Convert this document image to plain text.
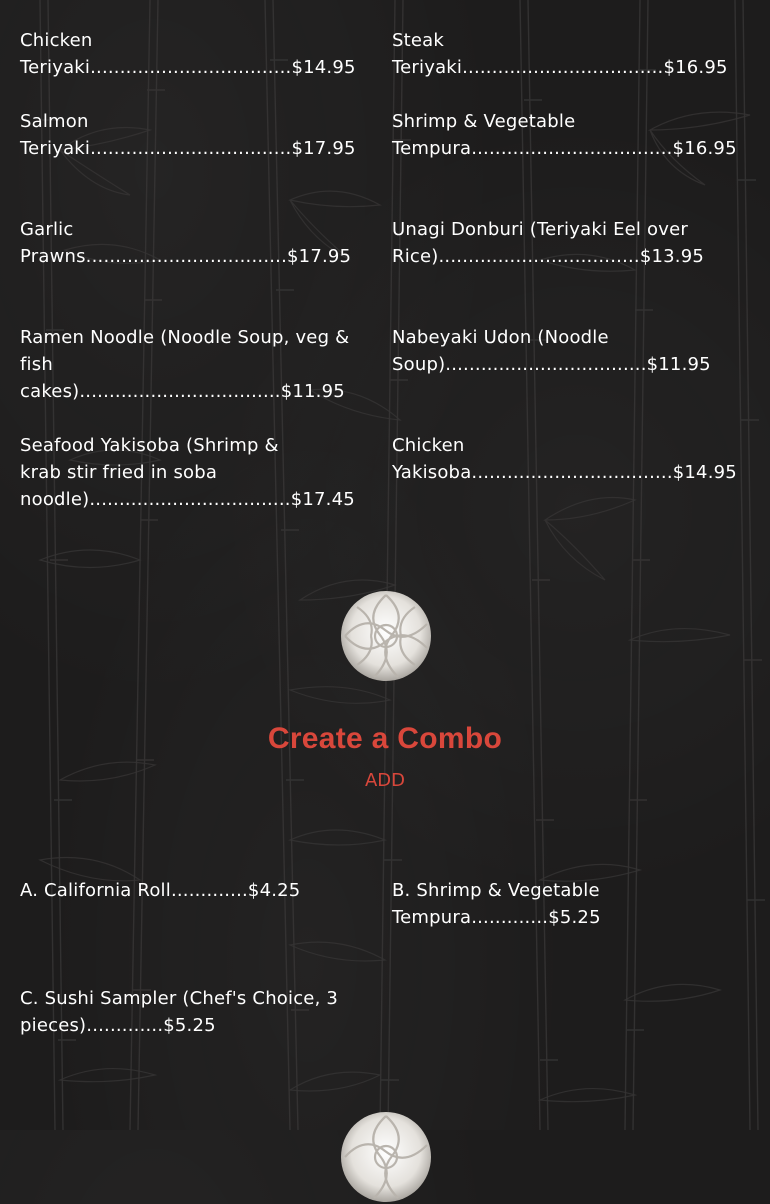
Chicken Teriyaki..................................$14.95

Steak Teriyaki..................................$16.95

Salmon Teriyaki..................................$17.95

Shrimp & Vegetable Tempura..................................$16.95

Garlic Prawns..................................$17.95

Unagi Donburi (Teriyaki Eel over Rice)..................................$13.95

Ramen Noodle (Noodle Soup, veg & fish cakes)..................................$11.95

Nabeyaki Udon (Noodle Soup)..................................$11.95

Seafood Yakisoba (Shrimp & krab stir fried in soba noodle)..................................$17.45

Chicken Yakisoba..................................$14.95

Create a Combo
ADD

A. California Roll.............$4.25	B. Shrimp & Vegetable Tempura.............$5.25

C. Sushi Sampler (Chef's Choice, 3 pieces).............$5.25
